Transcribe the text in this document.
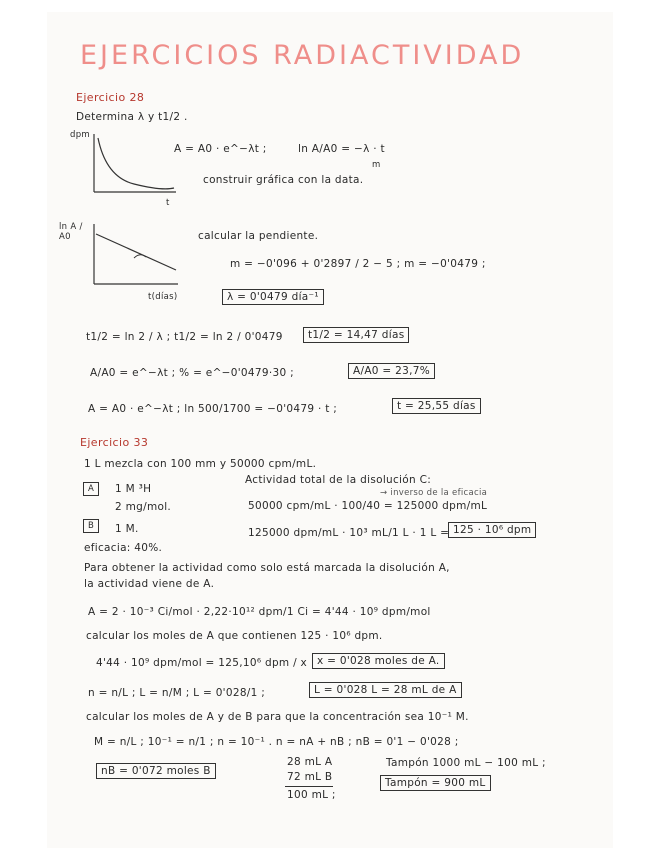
EJERCICIOS RADIACTIVIDAD
Ejercicio 28
Determina λ y t1/2 .
dpm
t
A = A0 · e^−λt ;	ln A/A0 = −λ · t
m
construir gráfica con la data.
ln A / A0
t(días)
calcular la pendiente.
m = −0'096 + 0'2897 / 2 − 5 ; m = −0'0479 ;
λ = 0'0479 día⁻¹
t1/2 = ln 2 / λ ; t1/2 = ln 2 / 0'0479	t1/2 = 14,47 días
A/A0 = e^−λt ; % = e^−0'0479·30 ;	A/A0 = 23,7%
A = A0 · e^−λt ; ln 500/1700 = −0'0479 · t ;	t = 25,55 días
Ejercicio 33
1 L mezcla con 100 mm y 50000 cpm/mL.
A	1 M ³H
2 mg/mol.
B	1 M.
eficacia: 40%.
Actividad total de la disolución C:
→ inverso de la eficacia
50000 cpm/mL · 100/40 = 125000 dpm/mL
125000 dpm/mL · 10³ mL/1 L · 1 L = 125 · 10⁶ dpm
Para obtener la actividad como solo está marcada la disolución A,
la actividad viene de A.
A = 2 · 10⁻³ Ci/mol · 2,22·10¹² dpm/1 Ci = 4'44 · 10⁹ dpm/mol
calcular los moles de A que contienen 125 · 10⁶ dpm.
4'44 · 10⁹ dpm/mol = 125,10⁶ dpm / x x = 0'028 moles de A.
n = n/L ; L = n/M ; L = 0'028/1 ;	L = 0'028 L = 28 mL de A
calcular los moles de A y de B para que la concentración sea 10⁻¹ M.
M = n/L ; 10⁻¹ = n/1 ; n = 10⁻¹ . n = nA + nB ; nB = 0'1 − 0'028 ;
nB = 0'072 moles B
28 mL A
72 mL B
100 mL ;
Tampón 1000 mL − 100 mL ;
Tampón = 900 mL
